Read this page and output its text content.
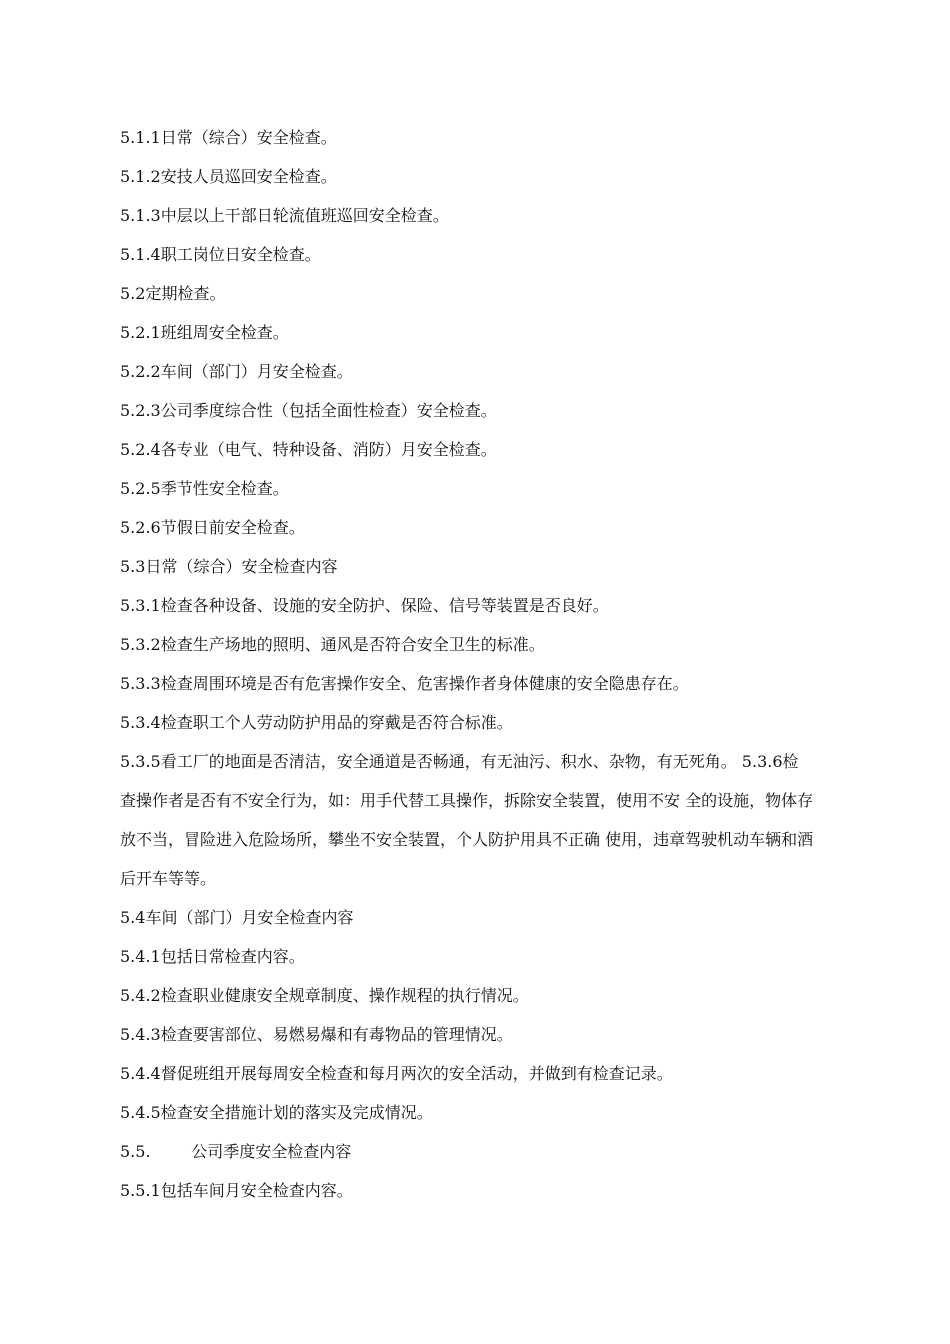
5.1.1日常（综合）安全检查。

5.1.2安技人员巡回安全检查。

5.1.3中层以上干部日轮流值班巡回安全检查。

5.1.4职工岗位日安全检查。

5.2定期检查。

5.2.1班组周安全检查。

5.2.2车间（部门）月安全检查。

5.2.3公司季度综合性（包括全面性检查）安全检查。

5.2.4各专业（电气、特种设备、消防）月安全检查。

5.2.5季节性安全检查。

5.2.6节假日前安全检查。

5.3日常（综合）安全检查内容

5.3.1检查各种设备、设施的安全防护、保险、信号等装置是否良好。

5.3.2检查生产场地的照明、通风是否符合安全卫生的标准。

5.3.3检查周围环境是否有危害操作安全、危害操作者身体健康的安全隐患存在。

5.3.4检查职工个人劳动防护用品的穿戴是否符合标准。

5.3.5看工厂的地面是否清洁，安全通道是否畅通，有无油污、积水、杂物，有无死角。 5.3.6检
查操作者是否有不安全行为，如：用手代替工具操作，拆除安全装置，使用不安 全的设施，物体存
放不当，冒险进入危险场所，攀坐不安全装置，个人防护用具不正确 使用，违章驾驶机动车辆和酒
后开车等等。

5.4车间（部门）月安全检查内容

5.4.1包括日常检查内容。

5.4.2检查职业健康安全规章制度、操作规程的执行情况。

5.4.3检查要害部位、易燃易爆和有毒物品的管理情况。

5.4.4督促班组开展每周安全检查和每月两次的安全活动，并做到有检查记录。

5.4.5检查安全措施计划的落实及完成情况。

5.5.        公司季度安全检查内容

5.5.1包括车间月安全检查内容。
